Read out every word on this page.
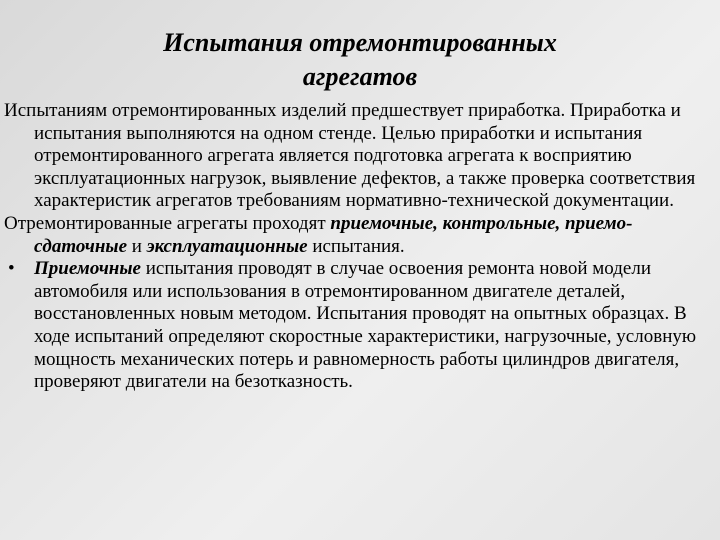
Испытания отремонтированных
агрегатов

Испытаниям отремонтированных изделий предшествует приработка. Приработка и испытания выполняются на одном стенде. Целью приработки и испытания отремонтированного агрегата является подготовка агрегата к восприятию эксплуатационных нагрузок, выявление дефектов, а также проверка соответствия характеристик агрегатов требованиям нормативно-технической документации.

Отремонтированные агрегаты проходят приемочные, контрольные, приемо-сдаточные и эксплуатационные испытания.

• Приемочные испытания проводят в случае освоения ремонта новой модели автомобиля или использования в отремонтированном двигателе деталей, восстановленных новым методом. Испытания проводят на опытных образцах. В ходе испытаний определяют скоростные характеристики, нагрузочные, условную мощность механических потерь и равномерность работы цилиндров двигателя, проверяют двигатели на безотказность.
